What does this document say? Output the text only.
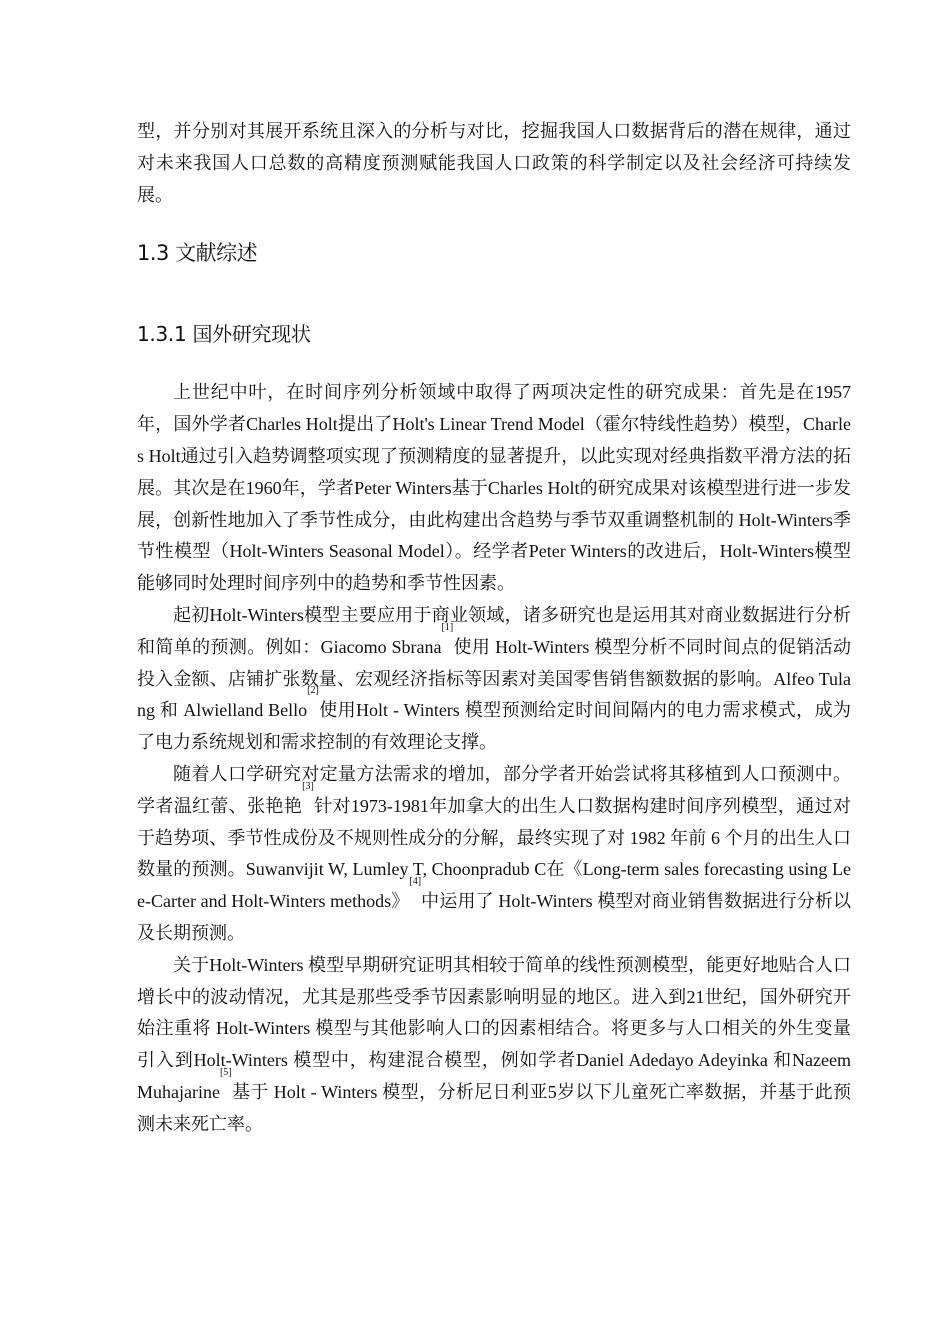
型，并分别对其展开系统且深入的分析与对比，挖掘我国人口数据背后的潜在规律，通过对未来我国人口总数的高精度预测赋能我国人口政策的科学制定以及社会经济可持续发展。

1.3 文献综述
1.3.1 国外研究现状

上世纪中叶，在时间序列分析领域中取得了两项决定性的研究成果：首先是在1957年，国外学者Charles Holt提出了Holt's Linear Trend Model（霍尔特线性趋势）模型，Charles Holt通过引入趋势调整项实现了预测精度的显著提升，以此实现对经典指数平滑方法的拓展。其次是在1960年，学者Peter Winters基于Charles Holt的研究成果对该模型进行进一步发展，创新性地加入了季节性成分，由此构建出含趋势与季节双重调整机制的 Holt-Winters季节性模型（Holt-Winters Seasonal Model）。经学者Peter Winters的改进后，Holt-Winters模型能够同时处理时间序列中的趋势和季节性因素。

起初Holt-Winters模型主要应用于商业领域，诸多研究也是运用其对商业数据进行分析和简单的预测。例如：Giacomo Sbrana[1]使用 Holt-Winters 模型分析不同时间点的促销活动投入金额、店铺扩张数量、宏观经济指标等因素对美国零售销售额数据的影响。Alfeo Tulang 和 Alwielland Bello[2]使用Holt - Winters 模型预测给定时间间隔内的电力需求模式，成为了电力系统规划和需求控制的有效理论支撑。

随着人口学研究对定量方法需求的增加，部分学者开始尝试将其移植到人口预测中。学者温红蕾、张艳艳[3]针对1973-1981年加拿大的出生人口数据构建时间序列模型，通过对于趋势项、季节性成份及不规则性成分的分解，最终实现了对 1982 年前 6 个月的出生人口数量的预测。Suwanvijit W, Lumley T, Choonpradub C在《Long-term sales forecasting using Lee-Carter and Holt-Winters methods》[4]中运用了 Holt-Winters 模型对商业销售数据进行分析以及长期预测。

关于Holt-Winters 模型早期研究证明其相较于简单的线性预测模型，能更好地贴合人口增长中的波动情况，尤其是那些受季节因素影响明显的地区。进入到21世纪，国外研究开始注重将 Holt-Winters 模型与其他影响人口的因素相结合。将更多与人口相关的外生变量引入到Holt-Winters 模型中，构建混合模型，例如学者Daniel Adedayo Adeyinka 和Nazeem Muhajarine[5]基于 Holt - Winters 模型，分析尼日利亚5岁以下儿童死亡率数据，并基于此预测未来死亡率。
